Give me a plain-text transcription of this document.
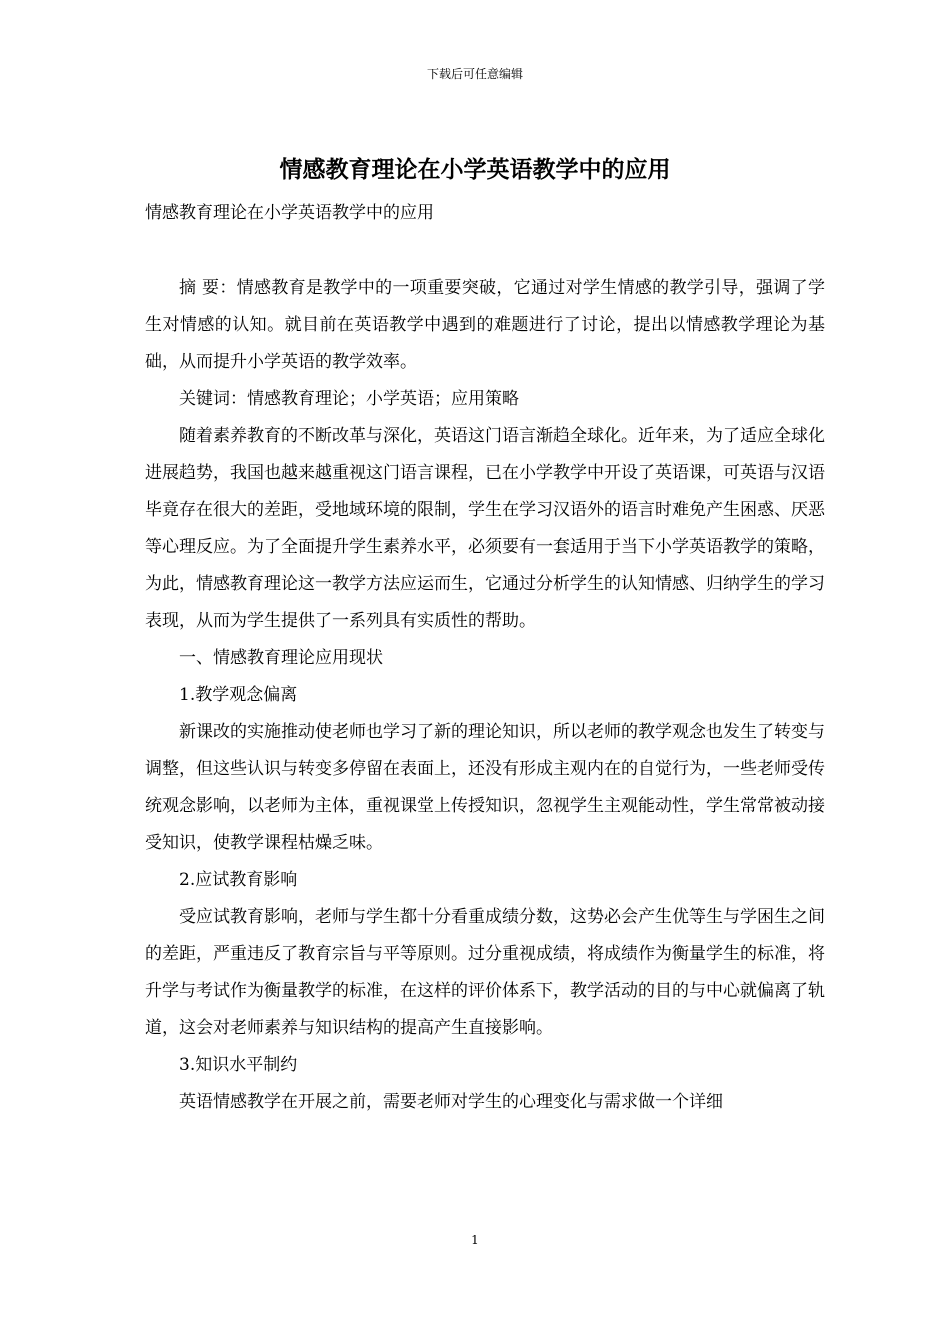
下载后可任意编辑
情感教育理论在小学英语教学中的应用
情感教育理论在小学英语教学中的应用

摘 要：情感教育是教学中的一项重要突破，它通过对学生情感的教学引导，强调了学生对情感的认知。就目前在英语教学中遇到的难题进行了讨论，提出以情感教学理论为基础，从而提升小学英语的教学效率。

关键词：情感教育理论；小学英语；应用策略

随着素养教育的不断改革与深化，英语这门语言渐趋全球化。近年来，为了适应全球化进展趋势，我国也越来越重视这门语言课程，已在小学教学中开设了英语课，可英语与汉语毕竟存在很大的差距，受地域环境的限制，学生在学习汉语外的语言时难免产生困惑、厌恶等心理反应。为了全面提升学生素养水平，必须要有一套适用于当下小学英语教学的策略，为此，情感教育理论这一教学方法应运而生，它通过分析学生的认知情感、归纳学生的学习表现，从而为学生提供了一系列具有实质性的帮助。

一、情感教育理论应用现状

1.教学观念偏离

新课改的实施推动使老师也学习了新的理论知识，所以老师的教学观念也发生了转变与调整，但这些认识与转变多停留在表面上，还没有形成主观内在的自觉行为，一些老师受传统观念影响，以老师为主体，重视课堂上传授知识，忽视学生主观能动性，学生常常被动接受知识，使教学课程枯燥乏味。

2.应试教育影响

受应试教育影响，老师与学生都十分看重成绩分数，这势必会产生优等生与学困生之间的差距，严重违反了教育宗旨与平等原则。过分重视成绩，将成绩作为衡量学生的标准，将升学与考试作为衡量教学的标准，在这样的评价体系下，教学活动的目的与中心就偏离了轨道，这会对老师素养与知识结构的提高产生直接影响。

3.知识水平制约

英语情感教学在开展之前，需要老师对学生的心理变化与需求做一个详细

1
